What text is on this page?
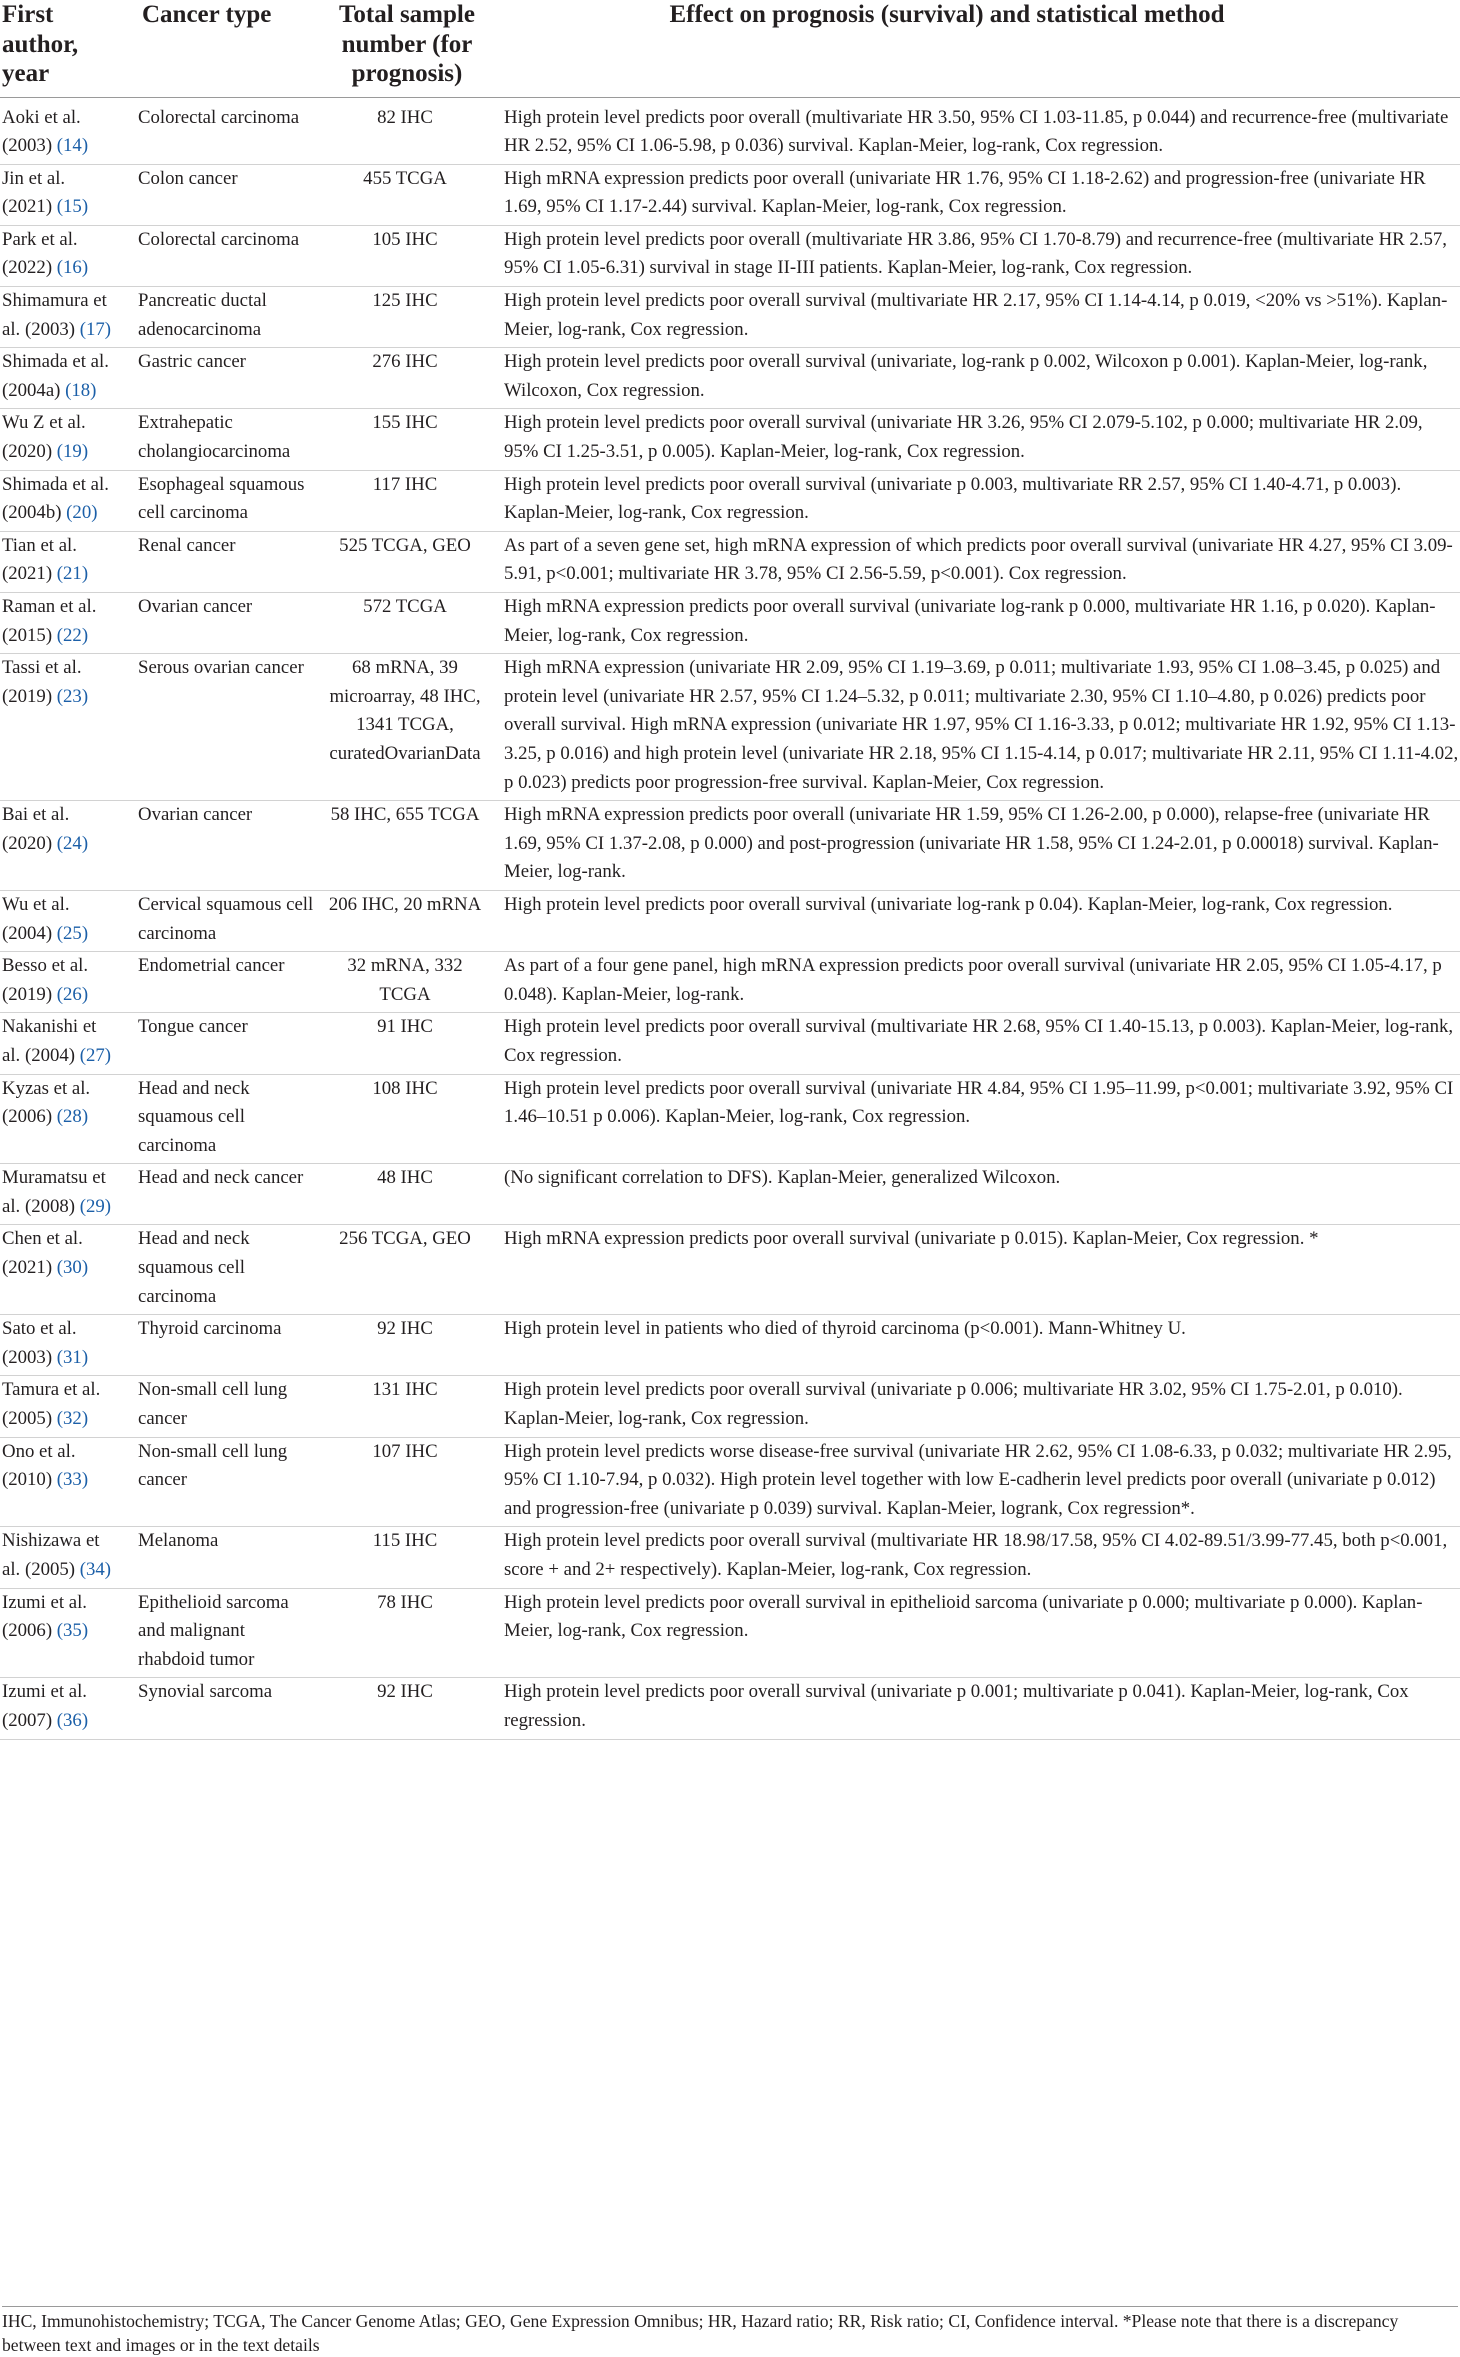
First author, year	Cancer type	Total sample number (for prognosis)	Effect on prognosis (survival) and statistical method
Aoki et al. (2003) (14)	Colorectal carcinoma	82 IHC	High protein level predicts poor overall (multivariate HR 3.50, 95% CI 1.03-11.85, p 0.044) and recurrence-free (multivariate HR 2.52, 95% CI 1.06-5.98, p 0.036) survival. Kaplan-Meier, log-rank, Cox regression.
Jin et al. (2021) (15)	Colon cancer	455 TCGA	High mRNA expression predicts poor overall (univariate HR 1.76, 95% CI 1.18-2.62) and progression-free (univariate HR 1.69, 95% CI 1.17-2.44) survival. Kaplan-Meier, log-rank, Cox regression.
Park et al. (2022) (16)	Colorectal carcinoma	105 IHC	High protein level predicts poor overall (multivariate HR 3.86, 95% CI 1.70-8.79) and recurrence-free (multivariate HR 2.57, 95% CI 1.05-6.31) survival in stage II-III patients. Kaplan-Meier, log-rank, Cox regression.
Shimamura et al. (2003) (17)	Pancreatic ductal adenocarcinoma	125 IHC	High protein level predicts poor overall survival (multivariate HR 2.17, 95% CI 1.14-4.14, p 0.019, <20% vs >51%). Kaplan-Meier, log-rank, Cox regression.
Shimada et al. (2004a) (18)	Gastric cancer	276 IHC	High protein level predicts poor overall survival (univariate, log-rank p 0.002, Wilcoxon p 0.001). Kaplan-Meier, log-rank, Wilcoxon, Cox regression.
Wu Z et al. (2020) (19)	Extrahepatic cholangiocarcinoma	155 IHC	High protein level predicts poor overall survival (univariate HR 3.26, 95% CI 2.079-5.102, p 0.000; multivariate HR 2.09, 95% CI 1.25-3.51, p 0.005). Kaplan-Meier, log-rank, Cox regression.
Shimada et al. (2004b) (20)	Esophageal squamous cell carcinoma	117 IHC	High protein level predicts poor overall survival (univariate p 0.003, multivariate RR 2.57, 95% CI 1.40-4.71, p 0.003). Kaplan-Meier, log-rank, Cox regression.
Tian et al. (2021) (21)	Renal cancer	525 TCGA, GEO	As part of a seven gene set, high mRNA expression of which predicts poor overall survival (univariate HR 4.27, 95% CI 3.09-5.91, p<0.001; multivariate HR 3.78, 95% CI 2.56-5.59, p<0.001). Cox regression.
Raman et al. (2015) (22)	Ovarian cancer	572 TCGA	High mRNA expression predicts poor overall survival (univariate log-rank p 0.000, multivariate HR 1.16, p 0.020). Kaplan-Meier, log-rank, Cox regression.
Tassi et al. (2019) (23)	Serous ovarian cancer	68 mRNA, 39 microarray, 48 IHC, 1341 TCGA, curatedOvarianData	High mRNA expression (univariate HR 2.09, 95% CI 1.19–3.69, p 0.011; multivariate 1.93, 95% CI 1.08–3.45, p 0.025) and protein level (univariate HR 2.57, 95% CI 1.24–5.32, p 0.011; multivariate 2.30, 95% CI 1.10–4.80, p 0.026) predicts poor overall survival. High mRNA expression (univariate HR 1.97, 95% CI 1.16-3.33, p 0.012; multivariate HR 1.92, 95% CI 1.13-3.25, p 0.016) and high protein level (univariate HR 2.18, 95% CI 1.15-4.14, p 0.017; multivariate HR 2.11, 95% CI 1.11-4.02, p 0.023) predicts poor progression-free survival. Kaplan-Meier, Cox regression.
Bai et al. (2020) (24)	Ovarian cancer	58 IHC, 655 TCGA	High mRNA expression predicts poor overall (univariate HR 1.59, 95% CI 1.26-2.00, p 0.000), relapse-free (univariate HR 1.69, 95% CI 1.37-2.08, p 0.000) and post-progression (univariate HR 1.58, 95% CI 1.24-2.01, p 0.00018) survival. Kaplan-Meier, log-rank.
Wu et al. (2004) (25)	Cervical squamous cell carcinoma	206 IHC, 20 mRNA	High protein level predicts poor overall survival (univariate log-rank p 0.04). Kaplan-Meier, log-rank, Cox regression.
Besso et al. (2019) (26)	Endometrial cancer	32 mRNA, 332 TCGA	As part of a four gene panel, high mRNA expression predicts poor overall survival (univariate HR 2.05, 95% CI 1.05-4.17, p 0.048). Kaplan-Meier, log-rank.
Nakanishi et al. (2004) (27)	Tongue cancer	91 IHC	High protein level predicts poor overall survival (multivariate HR 2.68, 95% CI 1.40-15.13, p 0.003). Kaplan-Meier, log-rank, Cox regression.
Kyzas et al. (2006) (28)	Head and neck squamous cell carcinoma	108 IHC	High protein level predicts poor overall survival (univariate HR 4.84, 95% CI 1.95–11.99, p<0.001; multivariate 3.92, 95% CI 1.46–10.51 p 0.006). Kaplan-Meier, log-rank, Cox regression.
Muramatsu et al. (2008) (29)	Head and neck cancer	48 IHC	(No significant correlation to DFS). Kaplan-Meier, generalized Wilcoxon.
Chen et al. (2021) (30)	Head and neck squamous cell carcinoma	256 TCGA, GEO	High mRNA expression predicts poor overall survival (univariate p 0.015). Kaplan-Meier, Cox regression. *
Sato et al. (2003) (31)	Thyroid carcinoma	92 IHC	High protein level in patients who died of thyroid carcinoma (p<0.001). Mann-Whitney U.
Tamura et al. (2005) (32)	Non-small cell lung cancer	131 IHC	High protein level predicts poor overall survival (univariate p 0.006; multivariate HR 3.02, 95% CI 1.75-2.01, p 0.010). Kaplan-Meier, log-rank, Cox regression.
Ono et al. (2010) (33)	Non-small cell lung cancer	107 IHC	High protein level predicts worse disease-free survival (univariate HR 2.62, 95% CI 1.08-6.33, p 0.032; multivariate HR 2.95, 95% CI 1.10-7.94, p 0.032). High protein level together with low E-cadherin level predicts poor overall (univariate p 0.012) and progression-free (univariate p 0.039) survival. Kaplan-Meier, logrank, Cox regression*.
Nishizawa et al. (2005) (34)	Melanoma	115 IHC	High protein level predicts poor overall survival (multivariate HR 18.98/17.58, 95% CI 4.02-89.51/3.99-77.45, both p<0.001, score + and 2+ respectively). Kaplan-Meier, log-rank, Cox regression.
Izumi et al. (2006) (35)	Epithelioid sarcoma and malignant rhabdoid tumor	78 IHC	High protein level predicts poor overall survival in epithelioid sarcoma (univariate p 0.000; multivariate p 0.000). Kaplan-Meier, log-rank, Cox regression.
Izumi et al. (2007) (36)	Synovial sarcoma	92 IHC	High protein level predicts poor overall survival (univariate p 0.001; multivariate p 0.041). Kaplan-Meier, log-rank, Cox regression.
IHC, Immunohistochemistry; TCGA, The Cancer Genome Atlas; GEO, Gene Expression Omnibus; HR, Hazard ratio; RR, Risk ratio; CI, Confidence interval. *Please note that there is a discrepancy between text and images or in the text details
